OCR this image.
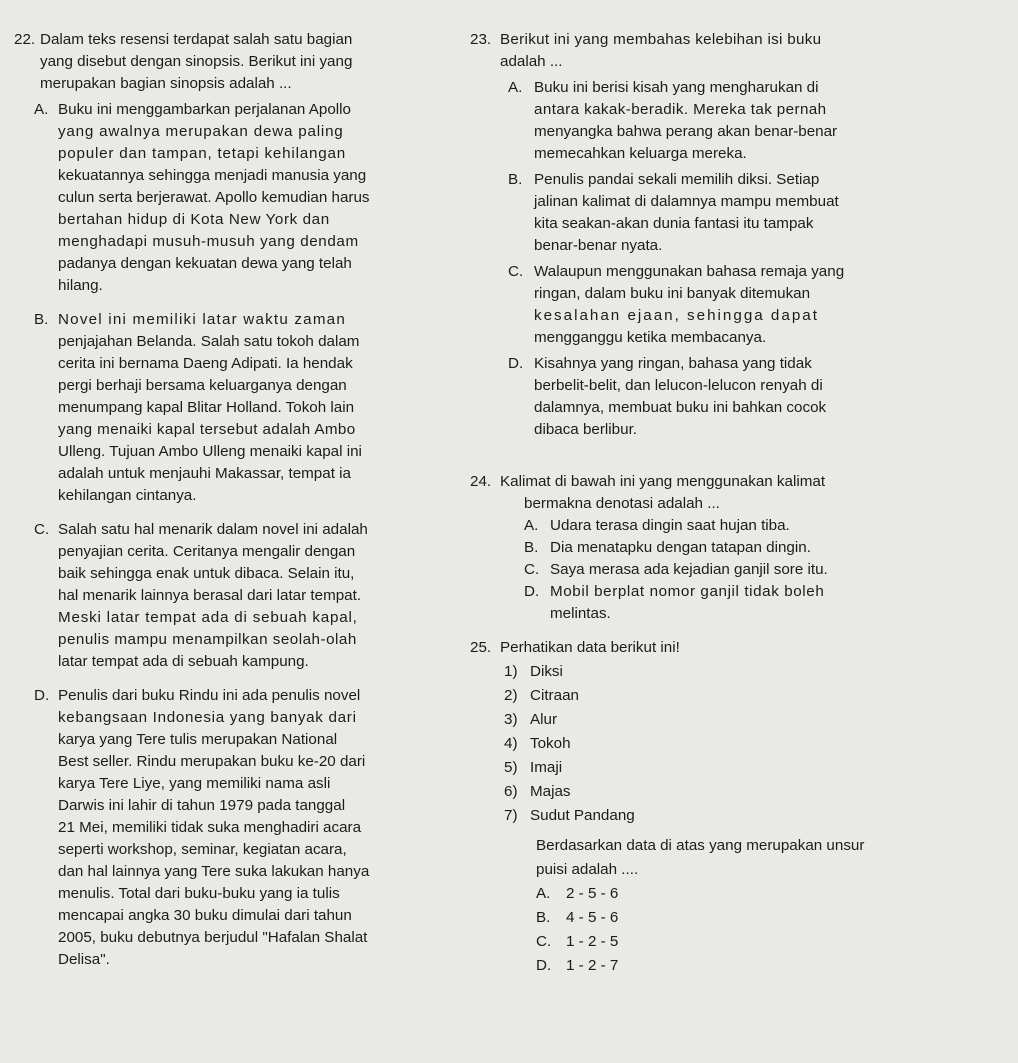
22. Dalam teks resensi terdapat salah satu bagian
yang disebut dengan sinopsis. Berikut ini yang
merupakan bagian sinopsis adalah ...
A. Buku ini menggambarkan perjalanan Apollo
yang awalnya merupakan dewa paling
populer dan tampan, tetapi kehilangan
kekuatannya sehingga menjadi manusia yang
culun serta berjerawat. Apollo kemudian harus
bertahan hidup di Kota New York dan
menghadapi musuh-musuh yang dendam
padanya dengan kekuatan dewa yang telah
hilang.
B. Novel ini memiliki latar waktu zaman
penjajahan Belanda. Salah satu tokoh dalam
cerita ini bernama Daeng Adipati. Ia hendak
pergi berhaji bersama keluarganya dengan
menumpang kapal Blitar Holland. Tokoh lain
yang menaiki kapal tersebut adalah Ambo
Ulleng. Tujuan Ambo Ulleng menaiki kapal ini
adalah untuk menjauhi Makassar, tempat ia
kehilangan cintanya.
C. Salah satu hal menarik dalam novel ini adalah
penyajian cerita. Ceritanya mengalir dengan
baik sehingga enak untuk dibaca. Selain itu,
hal menarik lainnya berasal dari latar tempat.
Meski latar tempat ada di sebuah kapal,
penulis mampu menampilkan seolah-olah
latar tempat ada di sebuah kampung.
D. Penulis dari buku Rindu ini ada penulis novel
kebangsaan Indonesia yang banyak dari
karya yang Tere tulis merupakan National
Best seller. Rindu merupakan buku ke-20 dari
karya Tere Liye, yang memiliki nama asli
Darwis ini lahir di tahun 1979 pada tanggal
21 Mei, memiliki tidak suka menghadiri acara
seperti workshop, seminar, kegiatan acara,
dan hal lainnya yang Tere suka lakukan hanya
menulis. Total dari buku-buku yang ia tulis
mencapai angka 30 buku dimulai dari tahun
2005, buku debutnya berjudul "Hafalan Shalat
Delisa".
23. Berikut ini yang membahas kelebihan isi buku
adalah ...
A. Buku ini berisi kisah yang mengharukan di
antara kakak-beradik. Mereka tak pernah
menyangka bahwa perang akan benar-benar
memecahkan keluarga mereka.
B. Penulis pandai sekali memilih diksi. Setiap
jalinan kalimat di dalamnya mampu membuat
kita seakan-akan dunia fantasi itu tampak
benar-benar nyata.
C. Walaupun menggunakan bahasa remaja yang
ringan, dalam buku ini banyak ditemukan
kesalahan ejaan, sehingga dapat
mengganggu ketika membacanya.
D. Kisahnya yang ringan, bahasa yang tidak
berbelit-belit, dan lelucon-lelucon renyah di
dalamnya, membuat buku ini bahkan cocok
dibaca berlibur.
24. Kalimat di bawah ini yang menggunakan kalimat
bermakna denotasi adalah ...
A. Udara terasa dingin saat hujan tiba.
B. Dia menatapku dengan tatapan dingin.
C. Saya merasa ada kejadian ganjil sore itu.
D. Mobil berplat nomor ganjil tidak boleh
melintas.
25. Perhatikan data berikut ini!
1) Diksi
2) Citraan
3) Alur
4) Tokoh
5) Imaji
6) Majas
7) Sudut Pandang
Berdasarkan data di atas yang merupakan unsur
puisi adalah ....
A. 2 - 5 - 6
B. 4 - 5 - 6
C. 1 - 2 - 5
D. 1 - 2 - 7
